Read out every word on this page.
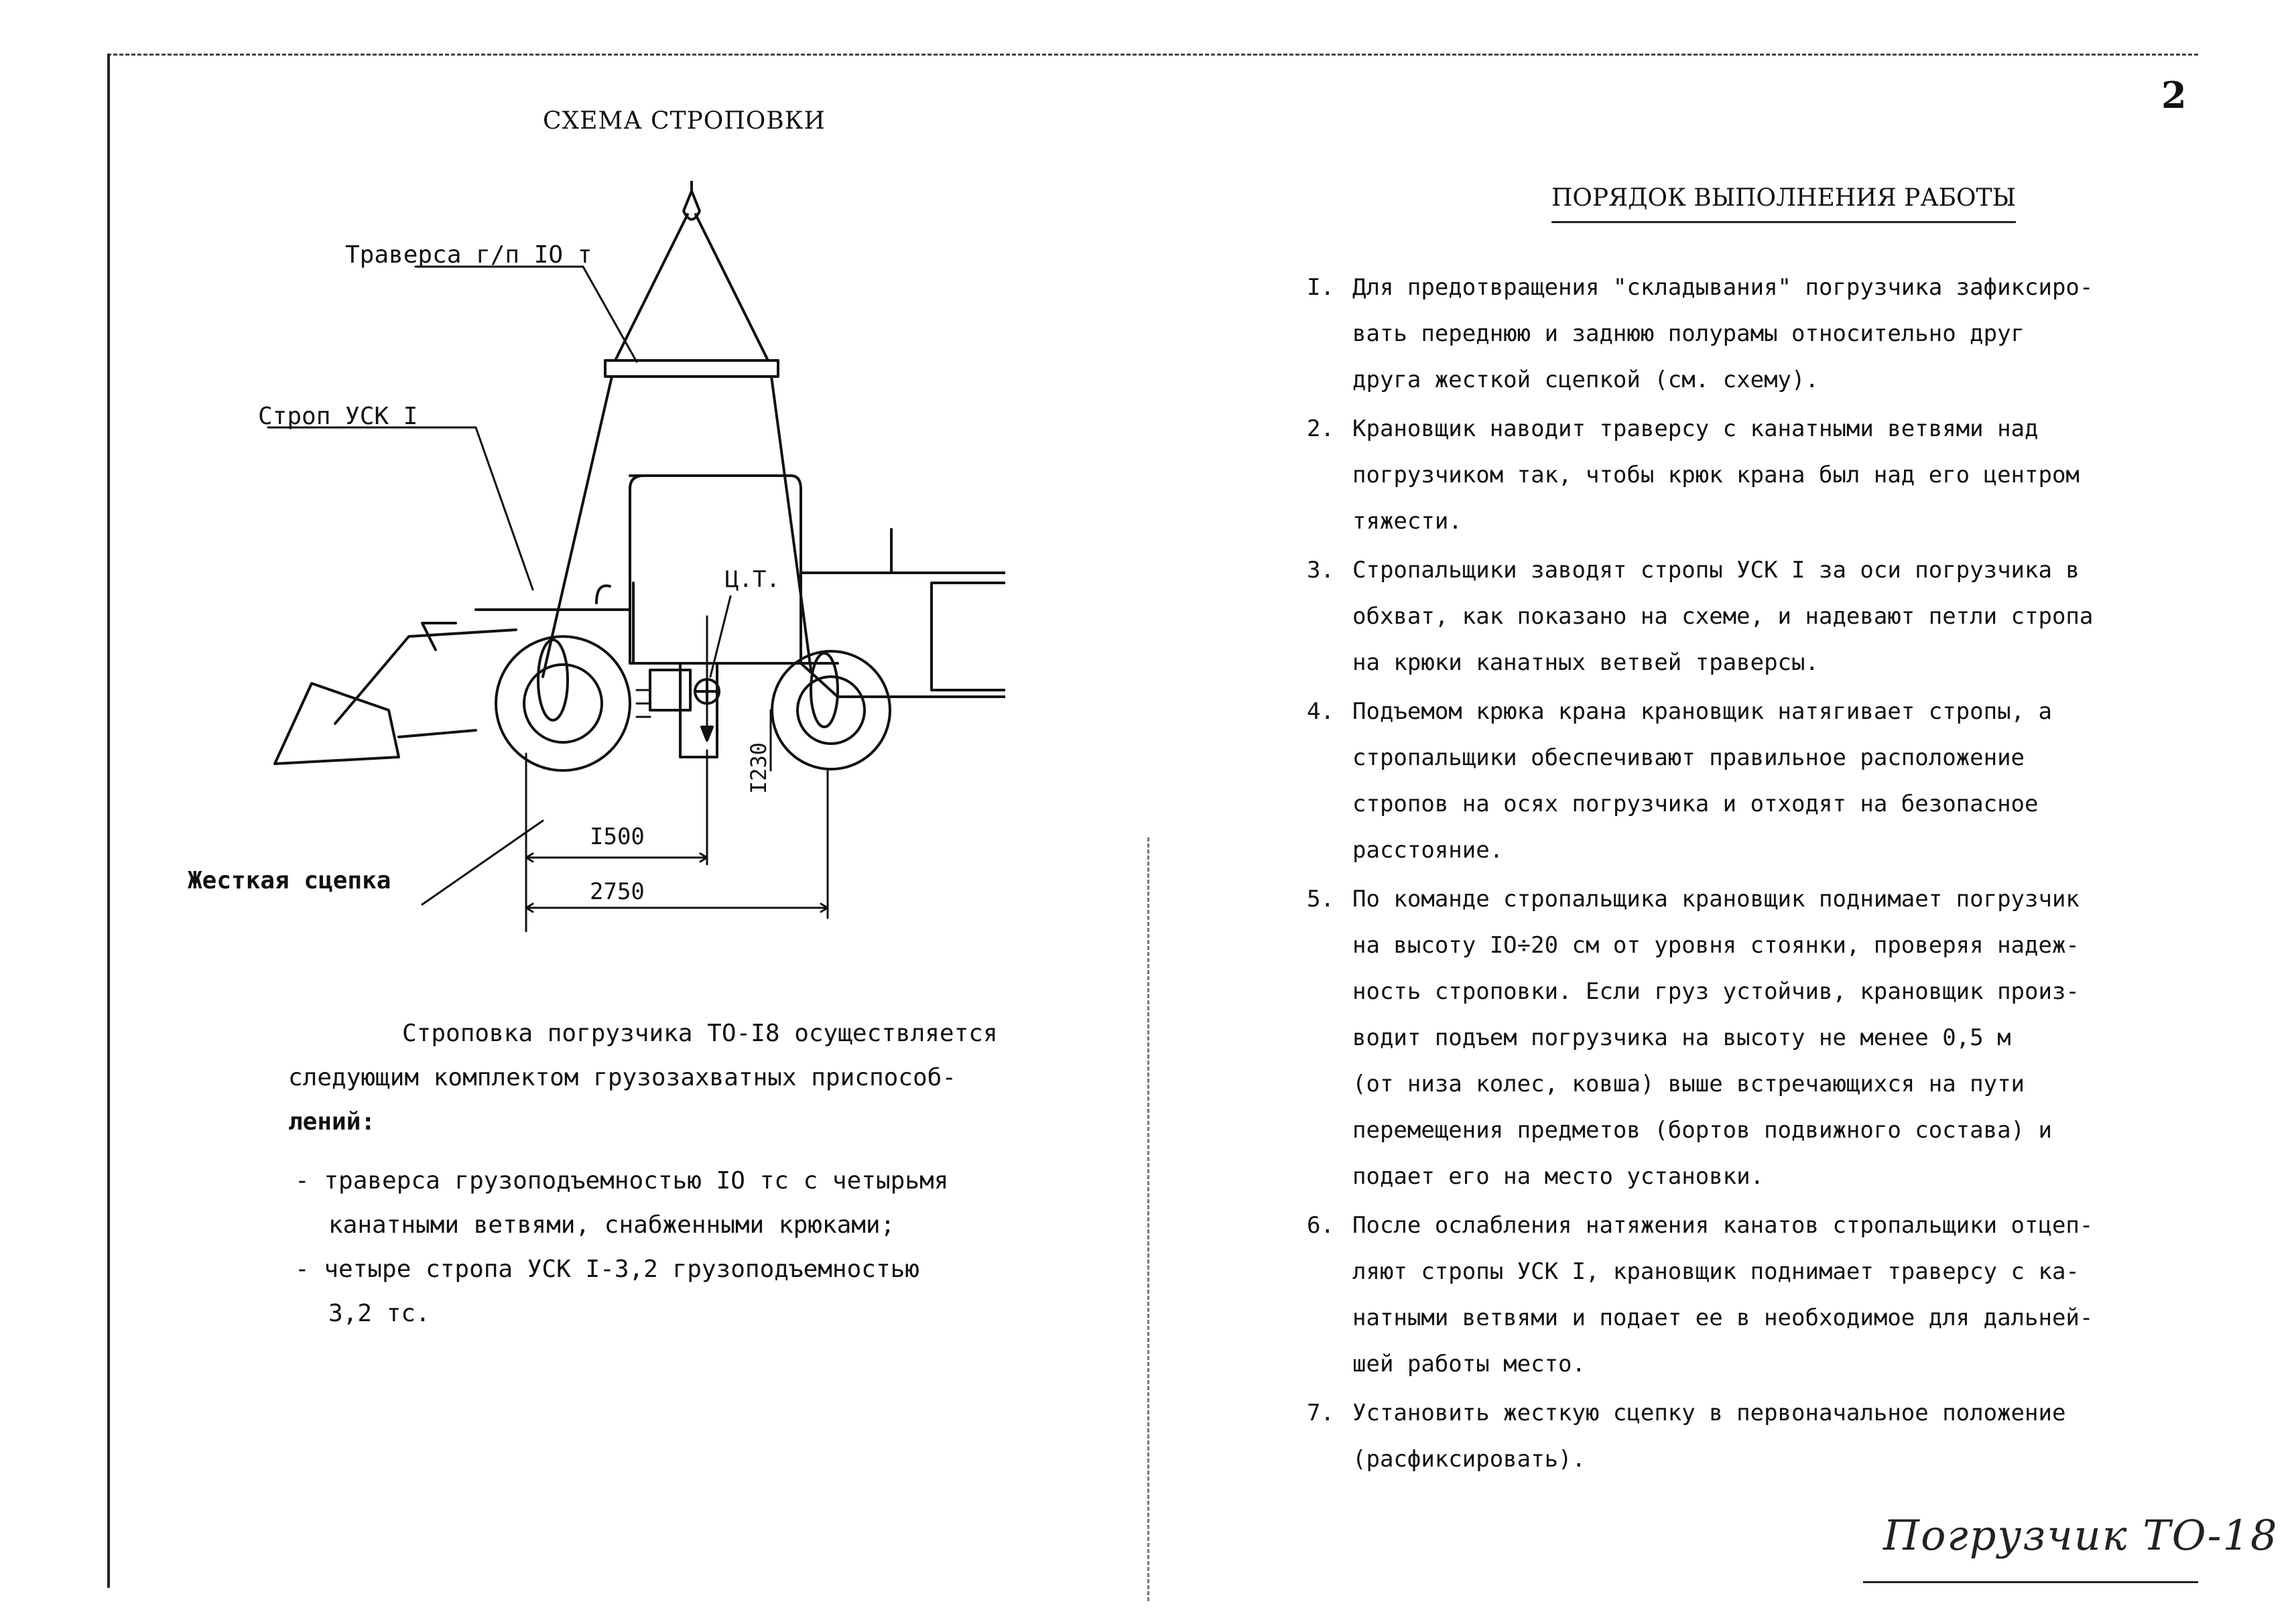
СХЕМА СТРОПОВКИ
Траверса г/п IO т
Строп УСК I
Ц.Т.
Жесткая сцепка
I500
2750
I230
Строповка погрузчика ТО-I8 осуществляется
следующим комплектом грузозахватных приспособ-
лений:
- траверса грузоподъемностью IO тс с четырьмя
канатными ветвями, снабженными крюками;
- четыре стропа УСК I-3,2 грузоподъемностью
3,2 тс.
2
ПОРЯДОК ВЫПОЛНЕНИЯ РАБОТЫ
I. Для предотвращения "складывания" погрузчика зафиксиро-
вать переднюю и заднюю полурамы относительно друг
друга жесткой сцепкой (см. схему).
2. Крановщик наводит траверсу с канатными ветвями над
погрузчиком так, чтобы крюк крана был над его центром
тяжести.
3. Стропальщики заводят стропы УСК I за оси погрузчика в
обхват, как показано на схеме, и надевают петли стропа
на крюки канатных ветвей траверсы.
4. Подъемом крюка крана крановщик натягивает стропы, а
стропальщики обеспечивают правильное расположение
стропов на осях погрузчика и отходят на безопасное
расстояние.
5. По команде стропальщика крановщик поднимает погрузчик
на высоту IO÷20 см от уровня стоянки, проверяя надеж-
ность строповки. Если груз устойчив, крановщик произ-
водит подъем погрузчика на высоту не менее 0,5 м
(от низа колес, ковша) выше встречающихся на пути
перемещения предметов (бортов подвижного состава) и
подает его на место установки.
6. После ослабления натяжения канатов стропальщики отцеп-
ляют стропы УСК I, крановщик поднимает траверсу с ка-
натными ветвями и подает ее в необходимое для дальней-
шей работы место.
7. Установить жесткую сцепку в первоначальное положение
(расфиксировать).
Погрузчик ТО-18
